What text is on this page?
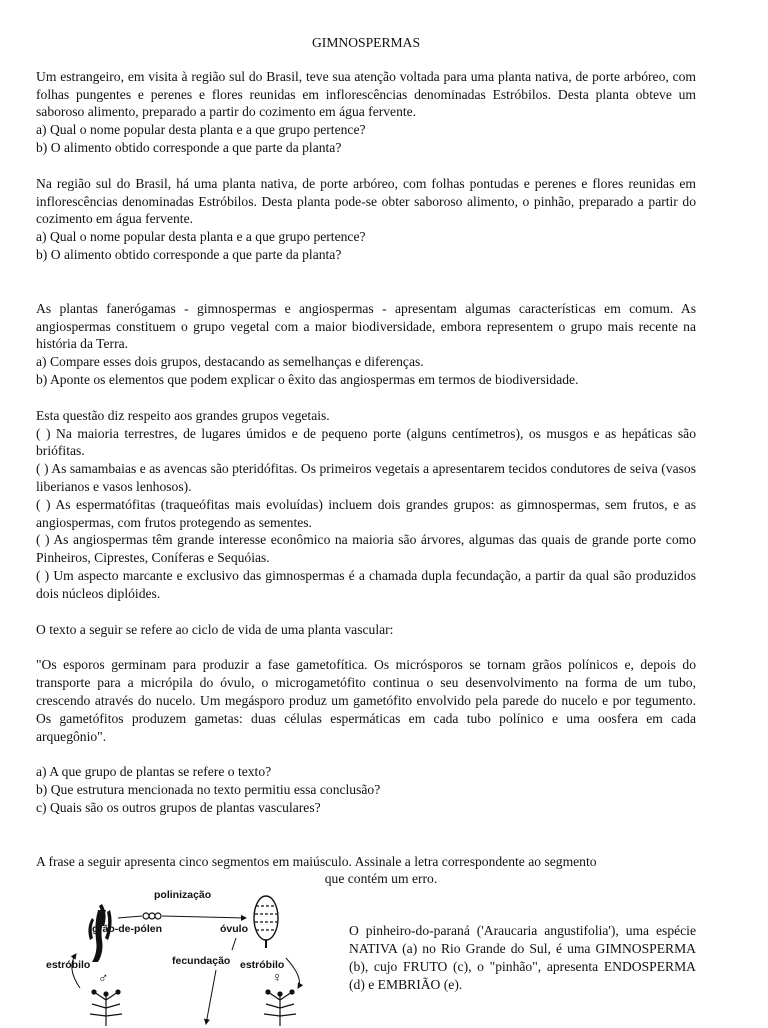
GIMNOSPERMAS

Um estrangeiro, em visita à região sul do Brasil, teve sua atenção voltada para uma planta nativa, de porte arbóreo, com folhas pungentes e perenes e flores reunidas em inflorescências denominadas Estróbilos. Desta planta obteve um saboroso alimento, preparado a partir do cozimento em água fervente.

a) Qual o nome popular desta planta e a que grupo pertence?

b) O alimento obtido corresponde a que parte da planta?

Na região sul do Brasil, há uma planta nativa, de porte arbóreo, com folhas pontudas e perenes e flores reunidas em inflorescências denominadas Estróbilos. Desta planta pode-se obter saboroso alimento, o pinhão, preparado a partir do cozimento em água fervente.

a) Qual o nome popular desta planta e a que grupo pertence?

b) O alimento obtido corresponde a que parte da planta?

As plantas fanerógamas - gimnospermas e angiospermas - apresentam algumas características em comum. As angiospermas constituem o grupo vegetal com a maior biodiversidade, embora representem o grupo mais recente na história da Terra.

a) Compare esses dois grupos, destacando as semelhanças e diferenças.

b) Aponte os elementos que podem explicar o êxito das angiospermas em termos de biodiversidade.

Esta questão diz respeito aos grandes grupos vegetais.

( ) Na maioria terrestres, de lugares úmidos e de pequeno porte (alguns centímetros), os musgos e as hepáticas são briófitas.

( ) As samambaias e as avencas são pteridófitas. Os primeiros vegetais a apresentarem tecidos condutores de seiva (vasos liberianos e vasos lenhosos).

( ) As espermatófitas (traqueófitas mais evoluídas) incluem dois grandes grupos: as gimnospermas, sem frutos, e as angiospermas, com frutos protegendo as sementes.

( ) As angiospermas têm grande interesse econômico na maioria são árvores, algumas das quais de grande porte como Pinheiros, Ciprestes, Coníferas e Sequóias.

( ) Um aspecto marcante e exclusivo das gimnospermas é a chamada dupla fecundação, a partir da qual são produzidos dois núcleos diplóides.

O texto a seguir se refere ao ciclo de vida de uma planta vascular:

"Os esporos germinam para produzir a fase gametofítica. Os micrósporos se tornam grãos polínicos e, depois do transporte para a micrópila do óvulo, o microgametófito continua o seu desenvolvimento na forma de um tubo, crescendo através do nucelo. Um megásporo produz um gametófito envolvido pela parede do nucelo e por tegumento. Os gametófitos produzem gametas: duas células espermáticas em cada tubo polínico e uma oosfera em cada arquegônio".

a) A que grupo de plantas se refere o texto?

b) Que estrutura mencionada no texto permitiu essa conclusão?

c) Quais são os outros grupos de plantas vasculares?

A frase a seguir apresenta cinco segmentos em maiúsculo. Assinale a letra correspondente ao segmento

que contém um erro.

polinização
grão-de-pólen	óvulo
estróbilo	fecundação estróbilo
♂	♀

O pinheiro-do-paraná ('Araucaria angustifolia'), uma espécie NATIVA (a) no Rio Grande do Sul, é uma GIMNOSPERMA (b), cujo FRUTO (c), o "pinhão", apresenta ENDOSPERMA (d) e EMBRIÃO (e).
